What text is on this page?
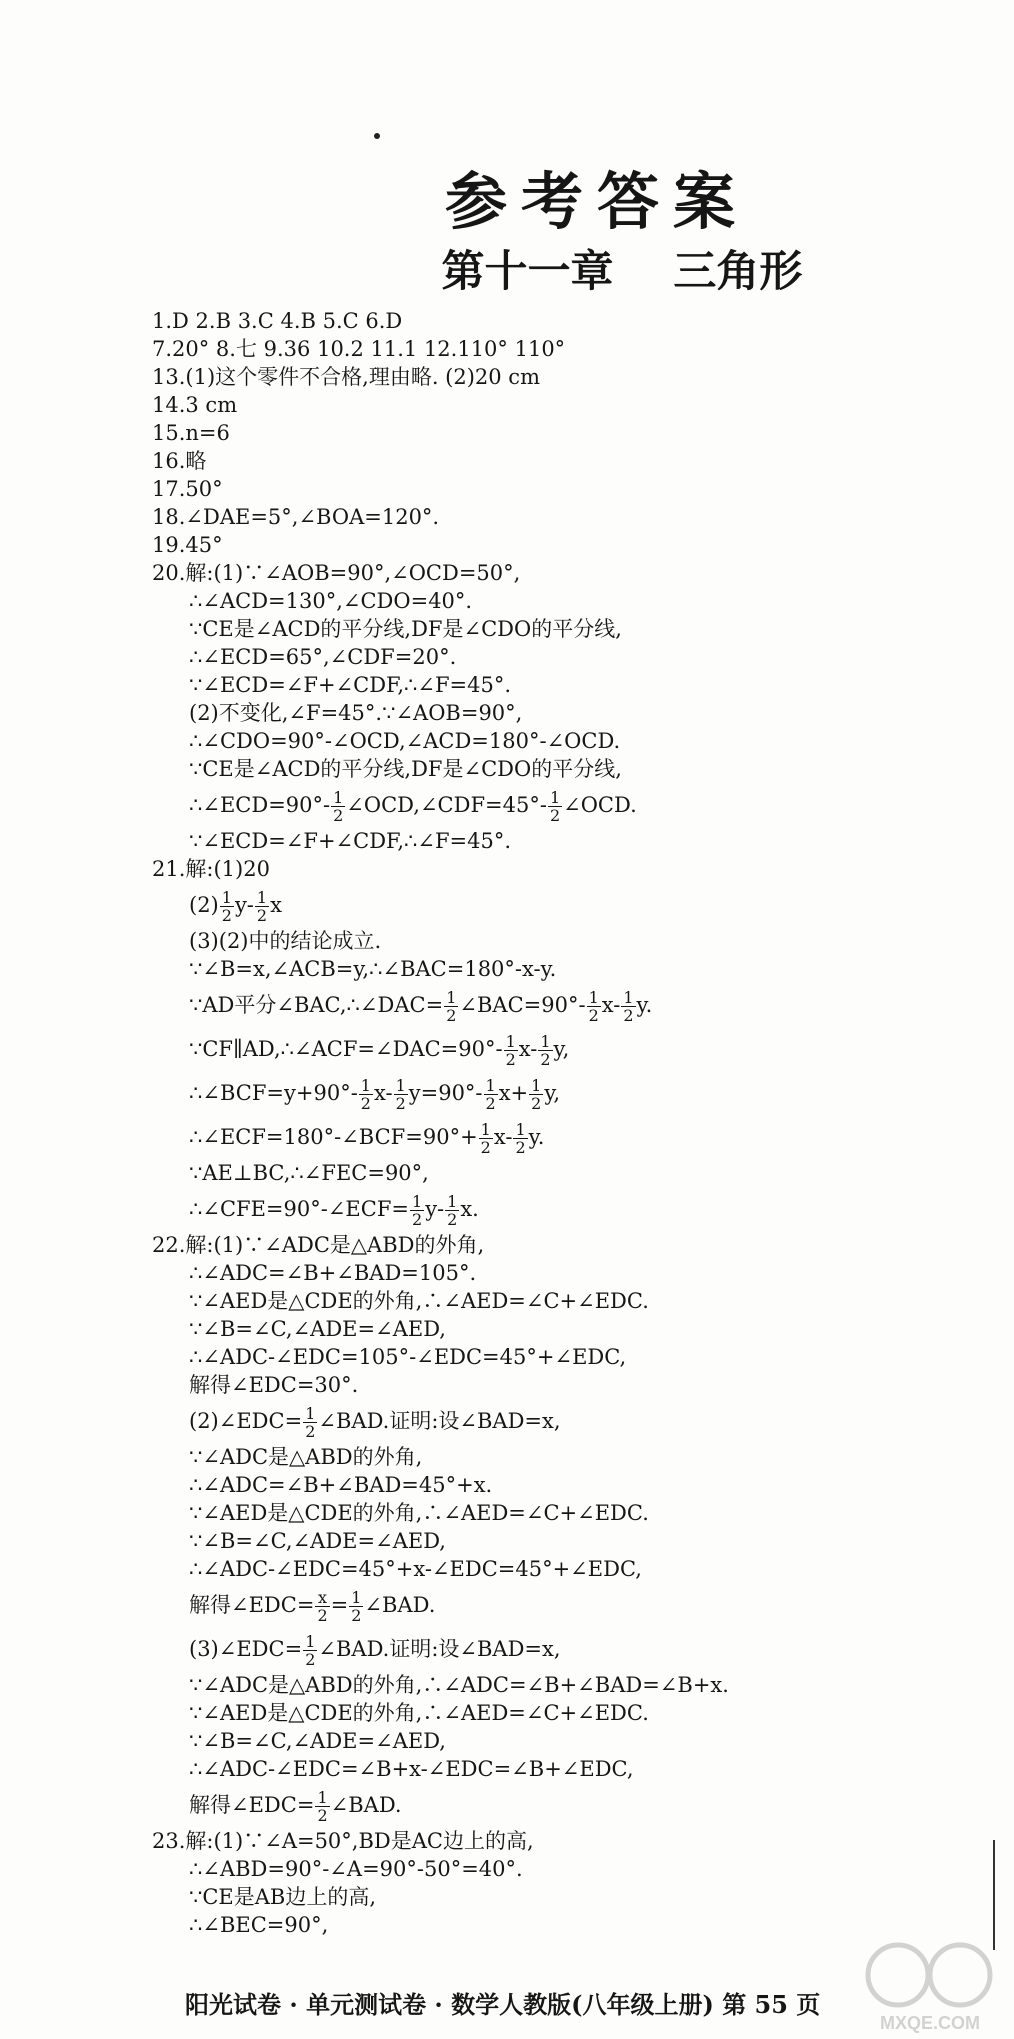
参考答案
第十一章    三角形
1.D 2.B 3.C 4.B 5.C 6.D
7.20° 8.七 9.36 10.2 11.1 12.110° 110°
13.(1)这个零件不合格,理由略. (2)20 cm
14.3 cm
15.n=6
16.略
17.50°
18.∠DAE=5°,∠BOA=120°.
19.45°
20.解:(1)∵∠AOB=90°,∠OCD=50°,
∴∠ACD=130°,∠CDO=40°.
∵CE是∠ACD的平分线,DF是∠CDO的平分线,
∴∠ECD=65°,∠CDF=20°.
∵∠ECD=∠F+∠CDF,∴∠F=45°.
(2)不变化,∠F=45°.∵∠AOB=90°,
∴∠CDO=90°-∠OCD,∠ACD=180°-∠OCD.
∵CE是∠ACD的平分线,DF是∠CDO的平分线,
∴∠ECD=90°- $\frac{1}{2}$ ∠OCD,∠CDF=45°- $\frac{1}{2}$ ∠OCD.
∵∠ECD=∠F+∠CDF,∴∠F=45°.
21.解:(1)20
$(2) \frac{1}{2} y- \frac{1}{2}$ x
(3)(2)中的结论成立.
∵∠B=x,∠ACB=y,∴∠BAC=180°-x-y.
∵AD平分∠BAC,∴∠DAC= $\frac{1}{2}$ ∠BAC=90°- $\frac{1}{2} x- \frac{1}{2} y$.
∵CF∥AD,∴∠ACF=∠DAC=90°- $\frac{1}{2} x- \frac{1}{2} y$,
∴∠BCF=y+90°- $\frac{1}{2} x- \frac{1}{2} y=90^\circ- \frac{1}{2} x+ \frac{1}{2} y$,
∴∠ECF=180°-∠BCF=90°+ $\frac{1}{2} x- \frac{1}{2} y$.
∵AE⊥BC,∴∠FEC=90°,
∴∠CFE=90°-∠ECF= $\frac{1}{2} y- \frac{1}{2} x$.
22.解:(1)∵∠ADC是△ABD的外角,
∴∠ADC=∠B+∠BAD=105°.
∵∠AED是△CDE的外角,∴∠AED=∠C+∠EDC.
∵∠B=∠C,∠ADE=∠AED,
∴∠ADC-∠EDC=105°-∠EDC=45°+∠EDC,
解得∠EDC=30°.
(2)∠EDC= $\frac{1}{2}$ ∠BAD.证明:设∠BAD=x,
∵∠ADC是△ABD的外角,
∴∠ADC=∠B+∠BAD=45°+x.
∵∠AED是△CDE的外角,∴∠AED=∠C+∠EDC.
∵∠B=∠C,∠ADE=∠AED,
∴∠ADC-∠EDC=45°+x-∠EDC=45°+∠EDC,
解得∠EDC= $\frac{x}{2} = \frac{1}{2}$ ∠BAD.
(3)∠EDC= $\frac{1}{2}$ ∠BAD.证明:设∠BAD=x,
∵∠ADC是△ABD的外角,∴∠ADC=∠B+∠BAD=∠B+x.
∵∠AED是△CDE的外角,∴∠AED=∠C+∠EDC.
∵∠B=∠C,∠ADE=∠AED,
∴∠ADC-∠EDC=∠B+x-∠EDC=∠B+∠EDC,
解得∠EDC= $\frac{1}{2}$ ∠BAD.
23.解:(1)∵∠A=50°,BD是AC边上的高,
∴∠ABD=90°-∠A=90°-50°=40°.
∵CE是AB边上的高,
∴∠BEC=90°,
阳光试卷 · 单元测试卷 · 数学人教版(八年级上册) 第 55 页
MXQE.COM
